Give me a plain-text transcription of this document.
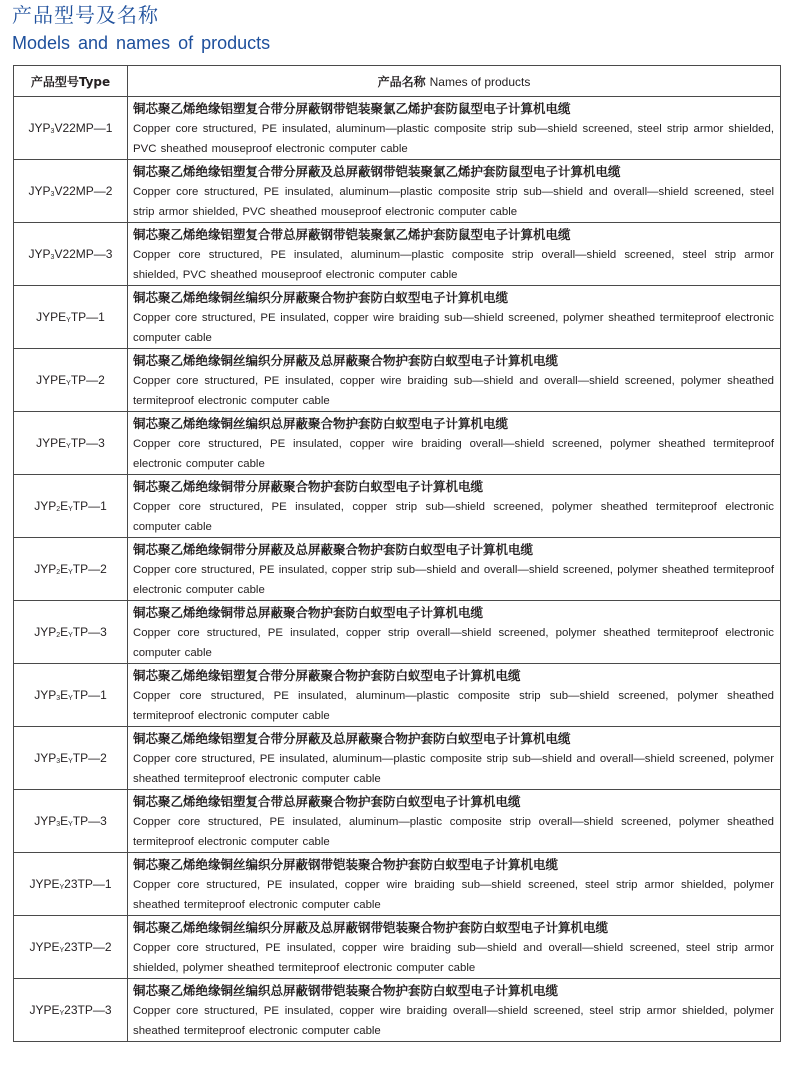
产品型号及名称
Models and names of products
产品型号Type	产品名称 Names of products
$JYP_3V22MP—1$	铜芯聚乙烯绝缘铝塑复合带分屏蔽钢带铠装聚氯乙烯护套防鼠型电子计算机电缆
Copper core structured, PE insulated, aluminum—plastic composite strip sub—shield screened, steel strip armor shielded, PVC sheathed mouseproof electronic computer cable

$JYP_3V22MP—2$	铜芯聚乙烯绝缘铝塑复合带分屏蔽及总屏蔽钢带铠装聚氯乙烯护套防鼠型电子计算机电缆
Copper core structured, PE insulated, aluminum—plastic composite strip sub—shield and overall—shield screened, steel strip armor shielded, PVC sheathed mouseproof electronic computer cable

$JYP_3V22MP—3$	铜芯聚乙烯绝缘铝塑复合带总屏蔽钢带铠装聚氯乙烯护套防鼠型电子计算机电缆
Copper core structured, PE insulated, aluminum—plastic composite strip overall—shield screened, steel strip armor shielded, PVC sheathed mouseproof electronic computer cable

$JYPE_YTP—1$	铜芯聚乙烯绝缘铜丝编织分屏蔽聚合物护套防白蚁型电子计算机电缆
Copper core structured, PE insulated, copper wire braiding sub—shield screened, polymer sheathed termiteproof electronic computer cable

$JYPE_YTP—2$	铜芯聚乙烯绝缘铜丝编织分屏蔽及总屏蔽聚合物护套防白蚁型电子计算机电缆
Copper core structured, PE insulated, copper wire braiding sub—shield and overall—shield screened, polymer sheathed termiteproof electronic computer cable

$JYPE_YTP—3$	铜芯聚乙烯绝缘铜丝编织总屏蔽聚合物护套防白蚁型电子计算机电缆
Copper core structured, PE insulated, copper wire braiding overall—shield screened, polymer sheathed termiteproof electronic computer cable

$JYP_2E_YTP—1$	铜芯聚乙烯绝缘铜带分屏蔽聚合物护套防白蚁型电子计算机电缆
Copper core structured, PE insulated, copper strip sub—shield screened, polymer sheathed termiteproof electronic computer cable

$JYP_2E_YTP—2$	铜芯聚乙烯绝缘铜带分屏蔽及总屏蔽聚合物护套防白蚁型电子计算机电缆
Copper core structured, PE insulated, copper strip sub—shield and overall—shield screened, polymer sheathed termiteproof electronic computer cable

$JYP_2E_YTP—3$	铜芯聚乙烯绝缘铜带总屏蔽聚合物护套防白蚁型电子计算机电缆
Copper core structured, PE insulated, copper strip overall—shield screened, polymer sheathed termiteproof electronic computer cable

$JYP_3E_YTP—1$	铜芯聚乙烯绝缘铝塑复合带分屏蔽聚合物护套防白蚁型电子计算机电缆
Copper core structured, PE insulated, aluminum—plastic composite strip sub—shield screened, polymer sheathed termiteproof electronic computer cable

$JYP_3E_YTP—2$	铜芯聚乙烯绝缘铝塑复合带分屏蔽及总屏蔽聚合物护套防白蚁型电子计算机电缆
Copper core structured, PE insulated, aluminum—plastic composite strip sub—shield and overall—shield screened, polymer sheathed termiteproof electronic computer cable

$JYP_3E_YTP—3$	铜芯聚乙烯绝缘铝塑复合带总屏蔽聚合物护套防白蚁型电子计算机电缆
Copper core structured, PE insulated, aluminum—plastic composite strip overall—shield screened, polymer sheathed termiteproof electronic computer cable

$JYPE_Y23TP—1$	铜芯聚乙烯绝缘铜丝编织分屏蔽钢带铠装聚合物护套防白蚁型电子计算机电缆
Copper core structured, PE insulated, copper wire braiding sub—shield screened, steel strip armor shielded, polymer sheathed termiteproof electronic computer cable

$JYPE_Y23TP—2$	铜芯聚乙烯绝缘铜丝编织分屏蔽及总屏蔽钢带铠装聚合物护套防白蚁型电子计算机电缆
Copper core structured, PE insulated, copper wire braiding sub—shield and overall—shield screened, steel strip armor shielded, polymer sheathed termiteproof electronic computer cable

$JYPE_Y23TP—3$	铜芯聚乙烯绝缘铜丝编织总屏蔽钢带铠装聚合物护套防白蚁型电子计算机电缆
Copper core structured, PE insulated, copper wire braiding overall—shield screened, steel strip armor shielded, polymer sheathed termiteproof electronic computer cable
